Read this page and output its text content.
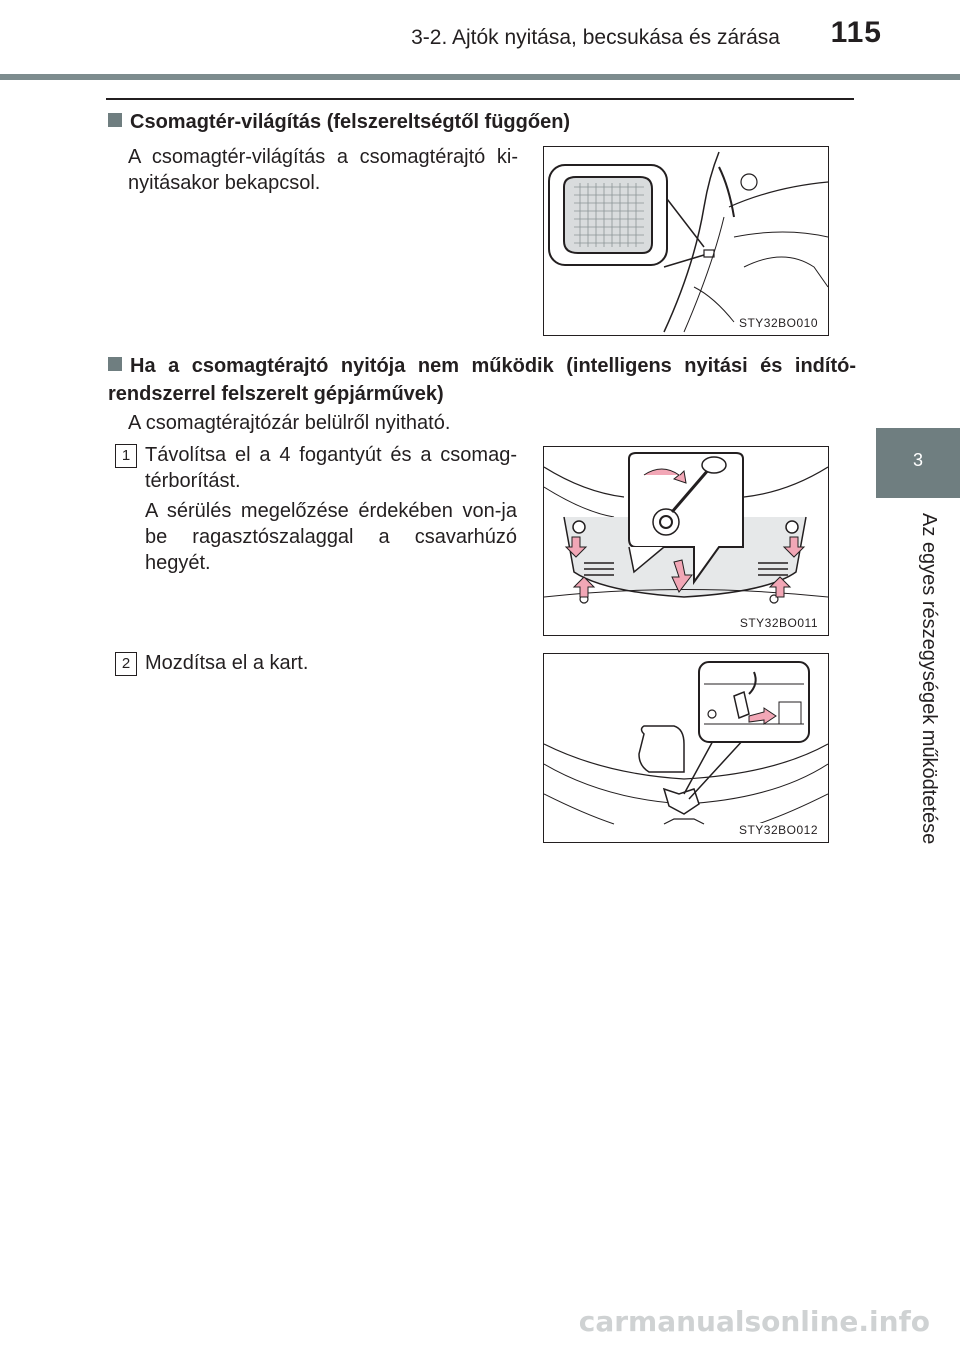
3-2. Ajtók nyitása, becsukása és zárása 115
3
Az egyes részegységek működtetése
Csomagtér-világítás (felszereltségtől függően)
A csomagtér-világítás a csomagtérajtó ki-nyitásakor bekapcsol.
STY32BO010
Ha a csomagtérajtó nyitója nem működik (intelligens nyitási és indító-rendszerrel felszerelt gépjárművek)
A csomagtérajtózár belülről nyitható.
1 Távolítsa el a 4 fogantyút és a csomag-térborítást.
A sérülés megelőzése érdekében von-ja be ragasztószalaggal a csavarhúzó hegyét.
STY32BO011
2 Mozdítsa el a kart.
STY32BO012
carmanualsonline.info
